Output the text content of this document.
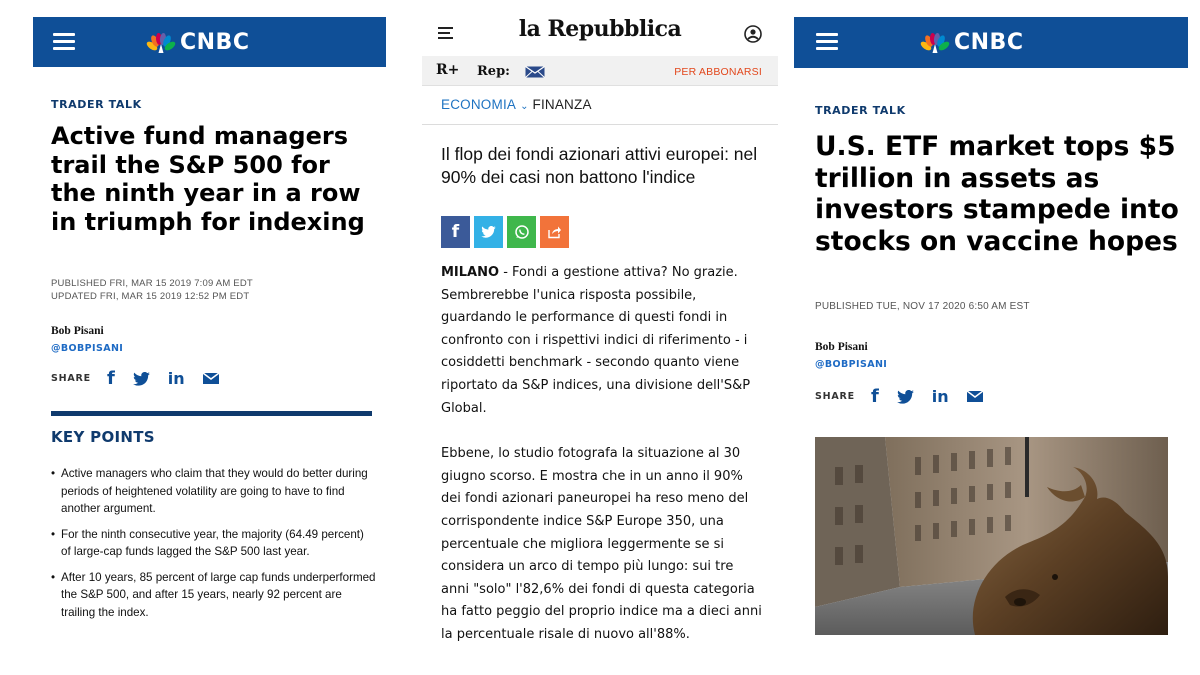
CNBC
TRADER TALK
Active fund managers trail the S&P 500 for the ninth year in a row in triumph for indexing
PUBLISHED FRI, MAR 15 2019 7:09 AM EDT
UPDATED FRI, MAR 15 2019 12:52 PM EDT
Bob Pisani
@BOBPISANI
SHARE f	in
KEY POINTS
• Active managers who claim that they would do better during periods of heightened volatility are going to have to find another argument.
• For the ninth consecutive year, the majority (64.49 percent) of large-cap funds lagged the S&P 500 last year.
• After 10 years, 85 percent of large cap funds underperformed the S&P 500, and after 15 years, nearly 92 percent are trailing the index.
la Repubblica
R+ Rep:	PER ABBONARSI
ECONOMIA ⌄ FINANZA
Il flop dei fondi azionari attivi europei: nel 90% dei casi non battono l'indice
f

MILANO - Fondi a gestione attiva? No grazie. Sembrerebbe l'unica risposta possibile, guardando le performance di questi fondi in confronto con i rispettivi indici di riferimento - i cosiddetti benchmark - secondo quanto viene riportato da S&P indices, una divisione dell'S&P Global.

Ebbene, lo studio fotografa la situazione al 30 giugno scorso. E mostra che in un anno il 90% dei fondi azionari paneuropei ha reso meno del corrispondente indice S&P Europe 350, una percentuale che migliora leggermente se si considera un arco di tempo più lungo: sui tre anni "solo" l'82,6% dei fondi di questa categoria ha fatto peggio del proprio indice ma a dieci anni la percentuale risale di nuovo all'88%.

CNBC
TRADER TALK
U.S. ETF market tops $5 trillion in assets as investors stampede into stocks on vaccine hopes
PUBLISHED TUE, NOV 17 2020 6:50 AM EST
Bob Pisani
@BOBPISANI
SHARE f	in
